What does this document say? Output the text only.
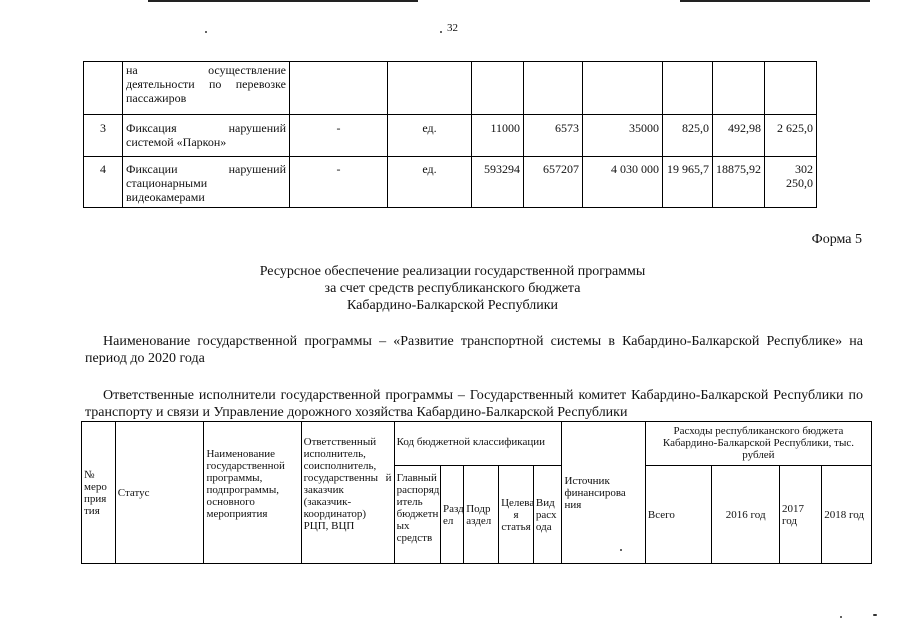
32
	на осуществление деятельности по перевозке пассажиров								
3	Фиксация нарушений системой «Паркон»	-	ед.	11000	6573	35000	825,0	492,98	2 625,0
4	Фиксации нарушений стационарными видеокамерами	-	ед.	593294	657207	4 030 000	19 965,7	18875,92	302 250,0
Форма 5
Ресурсное обеспечение реализации государственной программы
за счет средств республиканского бюджета
Кабардино-Балкарской Республики
Наименование государственной программы – «Развитие транспортной системы в Кабардино-Балкарской Республике» на период до 2020 года
Ответственные исполнители государственной программы – Государственный комитет Кабардино-Балкарской Республики по транспорту и связи и Управление дорожного хозяйства Кабардино-Балкарской Республики
№ меро прия тия	Статус	Наименование государственной программы, подпрограммы, основного мероприятия	Ответственный исполнитель, соисполнитель, государственны й заказчик (заказчик-координатор) РЦП, ВЦП	Код бюджетной классификации					Источник финансирова ния	Расходы республиканского бюджета Кабардино-Балкарской Республики, тыс. рублей			
				Главный распоряд итель бюджетн ых средств	Разд ел	Подр аздел	Целева я статья	Вид расх ода		Всего	2016 год	2017 год	2018 год
